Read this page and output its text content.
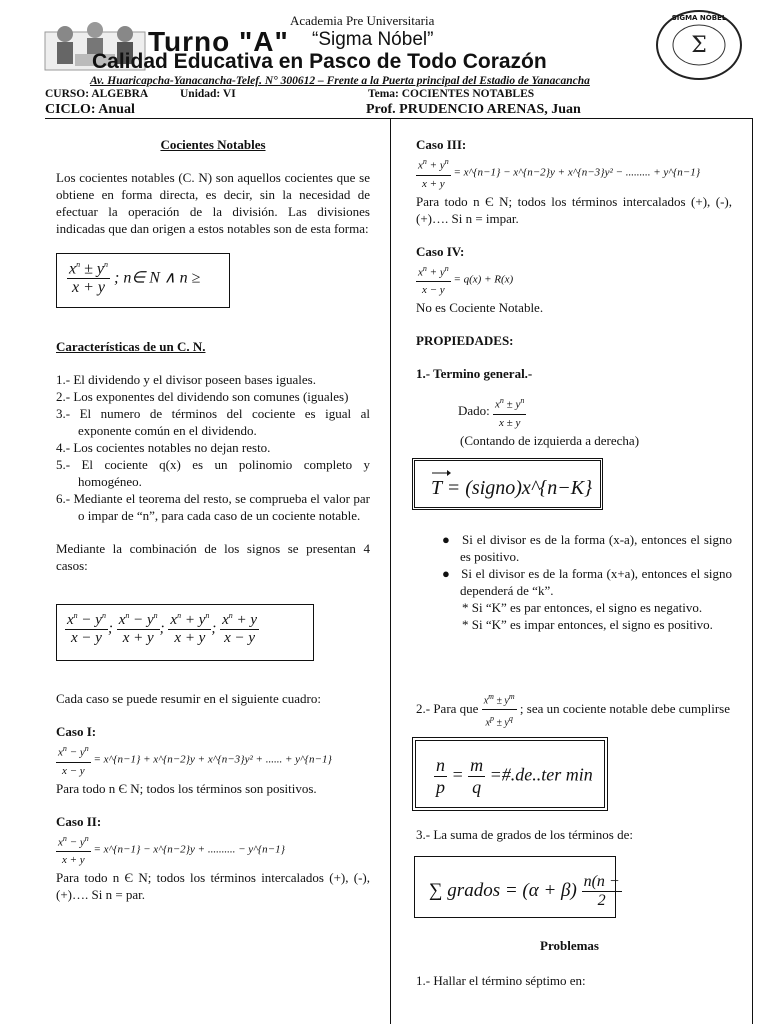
Academia Pre Universitaria
Turno "A" “Sigma Nóbel”
Calidad Educativa en Pasco de Todo Corazón
Σ
SIGMA NÓBEL
Av. Huaricapcha-Yanacancha-Telef. N° 300612 – Frente a la Puerta principal del Estadio de Yanacancha
CURSO: ALGEBRA	Unidad: VI	Tema: COCIENTES NOTABLES
CICLO: Anual	Prof. PRUDENCIO ARENAS, Juan
Cocientes Notables

Los cocientes notables (C. N) son aquellos cocientes que se obtiene en forma directa, es decir, sin la necesidad de efectuar la operación de la división. Las divisiones indicadas que dan origen a estos notables son de esta forma:

$\frac{x^n \pm y^n}{x + y}$ ; n∈ N ∧ n ≥
Características de un C. N.

1.- El dividendo y el divisor poseen bases iguales.

2.- Los exponentes del dividendo son comunes (iguales)

3.- El numero de términos del cociente es igual al exponente común en el dividendo.

4.- Los cocientes notables no dejan resto.

5.- El cociente q(x) es un polinomio completo y homogéneo.

6.- Mediante el teorema del resto, se comprueba el valor par o impar de “n”, para cada caso de un cociente notable.

Mediante la combinación de los signos se presentan 4 casos:

$\frac{x^n - y^n}{x - y}$ ; $\frac{x^n - y^n}{x + y}$ ; $\frac{x^n + y^n}{x + y}$ ; $\frac{x^n + y}{x - y}$

Cada caso se puede resumir en el siguiente cuadro:

Caso I:
$\frac{x^n - y^n}{x - y}$ = x^{n−1} + x^{n−2}y + x^{n−3}y² + ...... + y^{n−1}

Para todo n Є N; todos los términos son positivos.

Caso II:
$\frac{x^n - y^n}{x + y}$ = x^{n−1} − x^{n−2}y + .......... − y^{n−1}

Para todo n Є N; todos los términos intercalados (+), (-), (+)…. Si n = par.

Caso III:
$\frac{x^n + y^n}{x + y}$ = x^{n−1} − x^{n−2}y + x^{n−3}y² − ......... + y^{n−1}

Para todo n Є N; todos los términos intercalados (+), (-), (+)…. Si n = impar.

Caso IV:
$\frac{x^n + y^n}{x - y} = q(x) + R(x)$

No es Cociente Notable.

PROPIEDADES:
1.- Termino general.-
Dado: $\frac{x^n \pm y^n}{x \pm y}$
(Contando de izquierda a derecha)
T = (signo)x^{n−K}

●   Si el divisor es de la forma (x-a), entonces el signo es positivo.

●   Si el divisor es de la forma (x+a), entonces el signo dependerá de “k”.

* Si “K” es par entonces, el signo es negativo.

* Si “K” es impar entonces, el signo es positivo.

2.- Para que $\frac{x^m \pm y^m}{x^p \pm y^q}$ ; sea un cociente notable debe cumplirse
$\frac{n}{p} = \frac{m}{q}$ =#.de..ter min
3.- La suma de grados de los términos de:
∑ grados = $(\alpha + \beta) \frac{n(n -}{2}$
Problemas
1.- Hallar el término séptimo en:
